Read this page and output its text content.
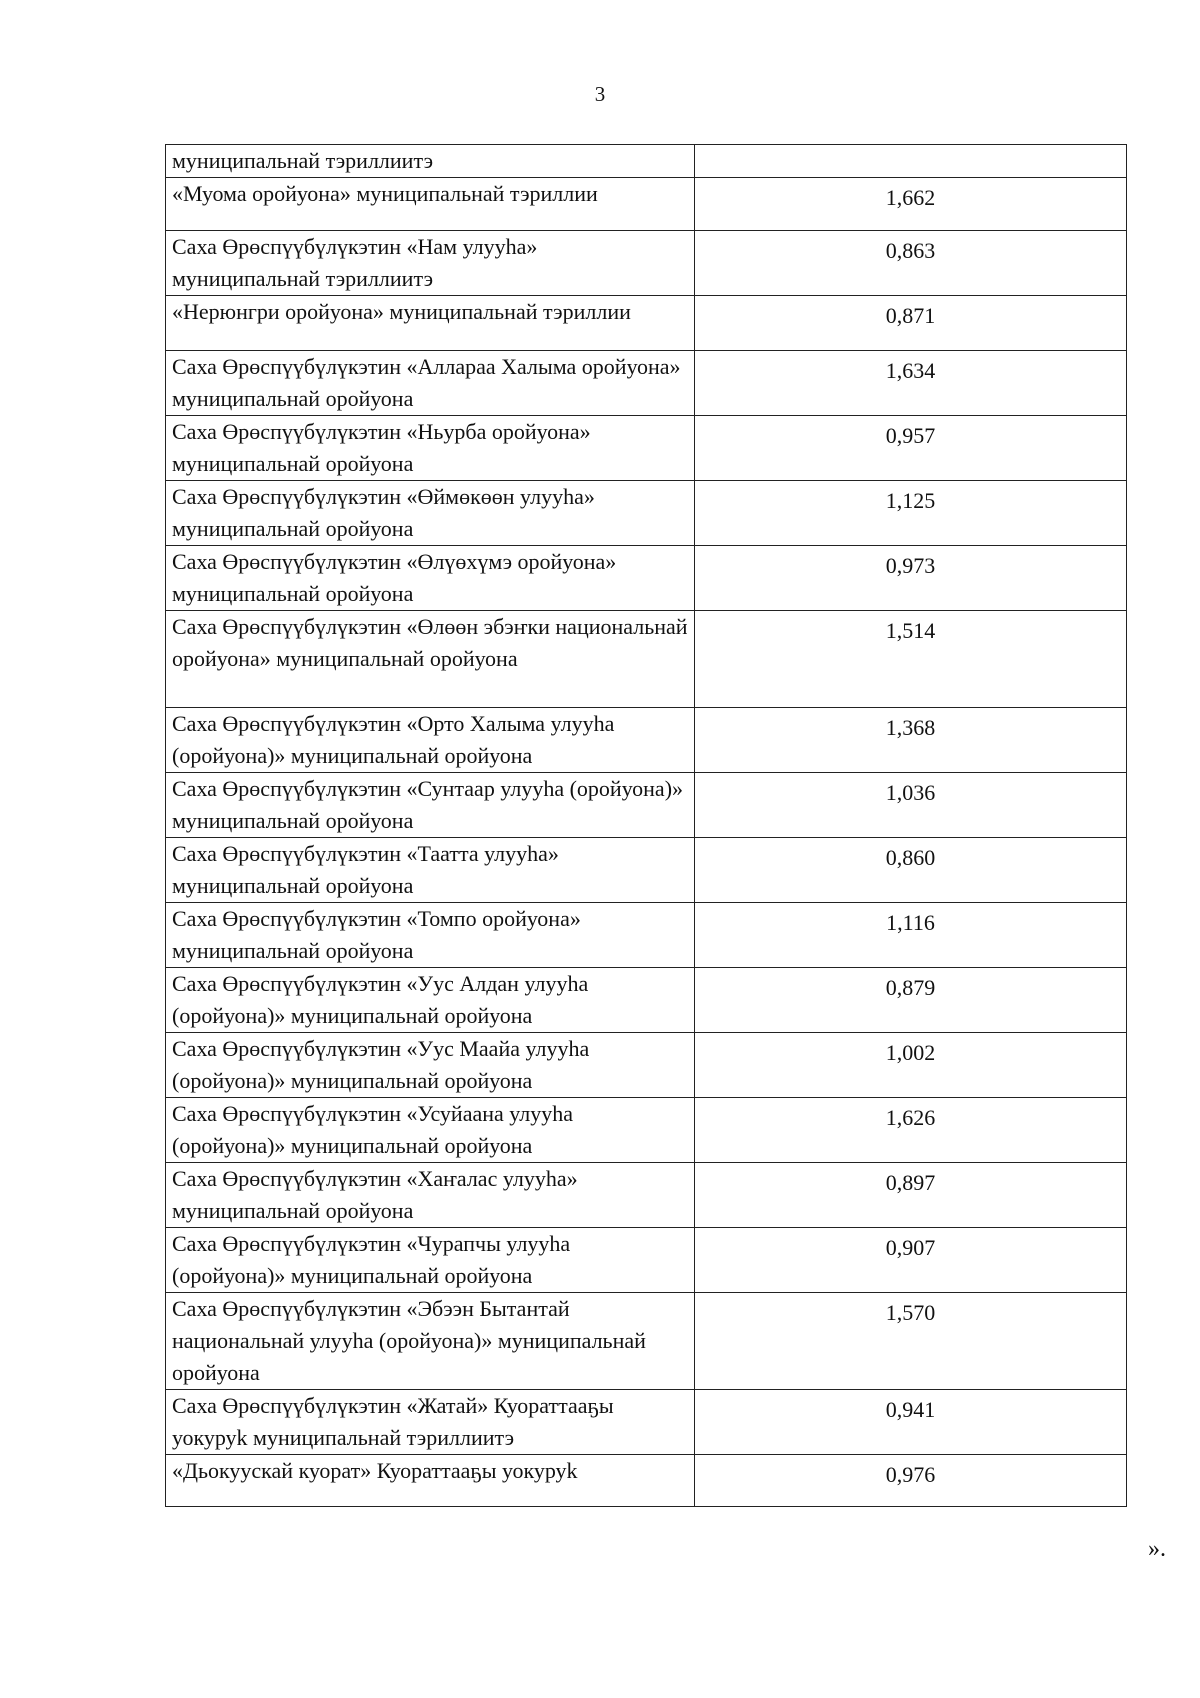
3
муниципальнай тэриллиитэ	
«Муома оройуона» муниципальнай тэриллии	1,662
Саха Өрөспүүбүлүкэтин «Нам улууһа» муниципальнай тэриллиитэ	0,863
«Нерюнгри оройуона» муниципальнай тэриллии	0,871
Саха Өрөспүүбүлүкэтин «Аллараа Халыма оройуона» муниципальнай оройуона	1,634
Саха Өрөспүүбүлүкэтин «Ньурба оройуона» муниципальнай оройуона	0,957
Саха Өрөспүүбүлүкэтин «Өймөкөөн улууһа» муниципальнай оройуона	1,125
Саха Өрөспүүбүлүкэтин «Өлүөхүмэ оройуона» муниципальнай оройуона	0,973
Саха Өрөспүүбүлүкэтин «Өлөөн эбэҥки национальнай оройуона» муниципальнай оройуона	1,514
Саха Өрөспүүбүлүкэтин «Орто Халыма улууһа (оройуона)» муниципальнай оройуона	1,368
Саха Өрөспүүбүлүкэтин «Сунтаар улууһа (оройуона)» муниципальнай оройуона	1,036
Саха Өрөспүүбүлүкэтин «Таатта улууһа» муниципальнай оройуона	0,860
Саха Өрөспүүбүлүкэтин «Томпо оройуона» муниципальнай оройуона	1,116
Саха Өрөспүүбүлүкэтин «Уус Алдан улууһа (оройуона)» муниципальнай оройуона	0,879
Саха Өрөспүүбүлүкэтин «Уус Маайа улууһа (оройуона)» муниципальнай оройуона	1,002
Саха Өрөспүүбүлүкэтин «Усуйаана улууһа (оройуона)» муниципальнай оройуона	1,626
Саха Өрөспүүбүлүкэтин «Хаҥалас улууһа» муниципальнай оройуона	0,897
Саха Өрөспүүбүлүкэтин «Чурапчы улууһа (оройуона)» муниципальнай оройуона	0,907
Саха Өрөспүүбүлүкэтин «Эбээн Бытантай национальнай улууһа (оройуона)» муниципальнай оройуона	1,570
Саха Өрөспүүбүлүкэтин «Жатай» Куораттааҕы уокуруk муниципальнай тэриллиитэ	0,941
«Дьокуускай куорат» Куораттааҕы уокуруk	0,976
».
